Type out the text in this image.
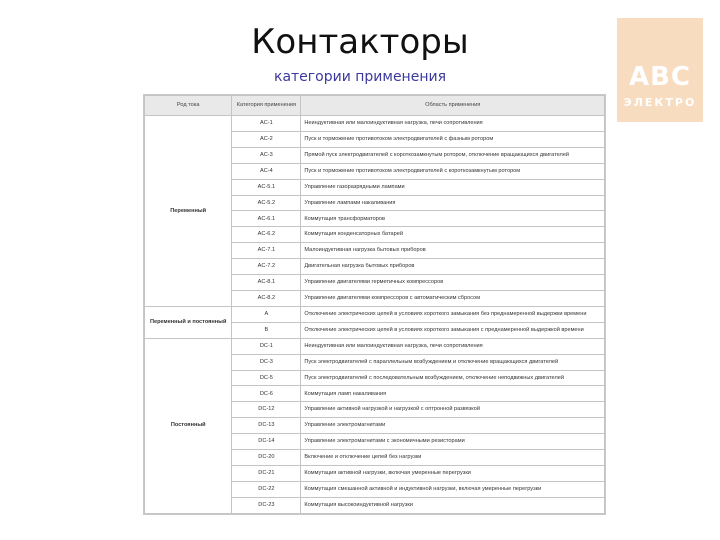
ABC
ЭЛЕКТРО
Контакторы
категории применения
Род тока	Категория применения	Область применения
Переменный	AC-1	Неиндуктивная или малоиндуктивная нагрузка, печи сопротивления
	AC-2	Пуск и торможение противотоком электродвигателей с фазным ротором
	AC-3	Прямой пуск электродвигателей с короткозамкнутым ротором, отключение вращающихся двигателей
	AC-4	Пуск и торможение противотоком электродвигателей с короткозамкнутым ротором
	AC-5.1	Управление газоразрядными лампами
	AC-5.2	Управление лампами накаливания
	AC-6.1	Коммутация трансформаторов
	AC-6.2	Коммутация конденсаторных батарей
	AC-7.1	Малоиндуктивная нагрузка бытовых приборов
	AC-7.2	Двигательная нагрузка бытовых приборов
	AC-8.1	Управление двигателями герметичных компрессоров
	AC-8.2	Управление двигателями компрессоров с автоматическим сбросом
Переменный и постоянный	A	Отключение электрических цепей в условиях короткого замыкания без преднамеренной выдержки времени
	B	Отключение электрических цепей в условиях короткого замыкания с преднамеренной выдержкой времени
Постоянный	DC-1	Неиндуктивная или малоиндуктивная нагрузка, печи сопротивления
	DC-3	Пуск электродвигателей с параллельным возбуждением и отключение вращающихся двигателей
	DC-5	Пуск электродвигателей с последовательным возбуждением, отключение неподвижных двигателей
	DC-6	Коммутация ламп накаливания
	DC-12	Управление активной нагрузкой и нагрузкой с оптронной развязкой
	DC-13	Управление электромагнитами
	DC-14	Управление электромагнитами с экономичными резисторами
	DC-20	Включение и отключение цепей без нагрузки
	DC-21	Коммутация активной нагрузки, включая умеренные перегрузки
	DC-22	Коммутация смешанной активной и индуктивной нагрузки, включая умеренные перегрузки
	DC-23	Коммутация высокоиндуктивной нагрузки
